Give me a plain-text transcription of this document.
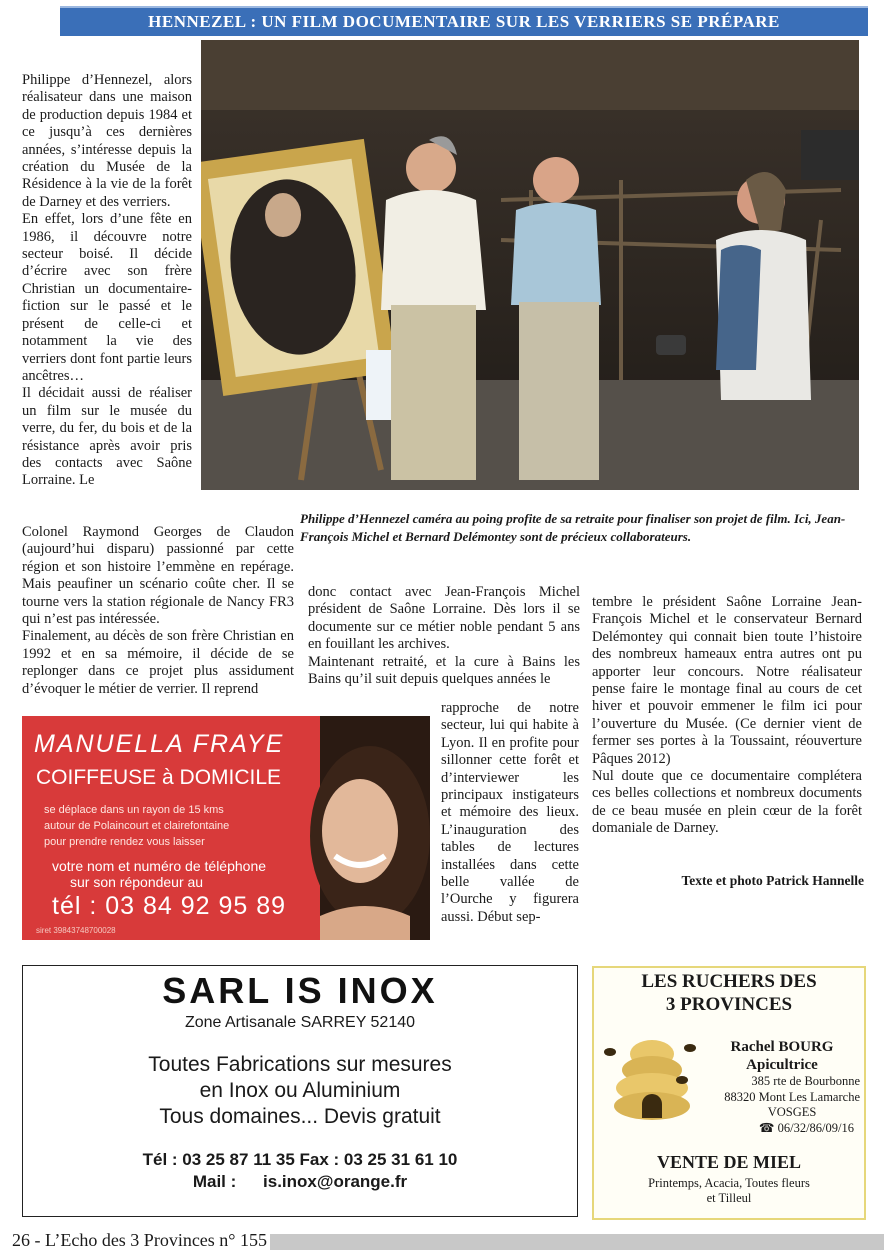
HENNEZEL : UN FILM DOCUMENTAIRE SUR LES VERRIERS SE PRÉPARE

Philippe d’Hennezel, alors réalisateur dans une maison de production depuis 1984 et ce jusqu’à ces dernières années, s’intéresse depuis la création du Musée de la Résidence à la vie de la forêt de Darney et des verriers.

En effet, lors d’une fête en 1986, il découvre notre secteur boisé. Il décide d’écrire avec son frère Christian un documentaire-fiction sur le passé et le présent de celle-ci et notamment la vie des verriers dont font partie leurs ancêtres…

Il décidait aussi de réaliser un film sur le musée du verre, du fer, du bois et de la résistance après avoir pris des contacts avec Saône Lorraine. Le

Philippe d’Hennezel caméra au poing profite de sa retraite pour finaliser son projet de film. Ici, Jean-François Michel et Bernard Delémontey sont de précieux collaborateurs.

Colonel Raymond Georges de Claudon (aujourd’hui disparu) passionné par cette région et son histoire l’emmène en repérage. Mais peaufiner un scénario coûte cher. Il se tourne vers la station régionale de Nancy FR3 qui n’est pas intéressée.

Finalement, au décès de son frère Christian en 1992 et en sa mémoire, il décide de se replonger dans ce projet plus assidument d’évoquer le métier de verrier. Il reprend

donc contact avec Jean-François Michel président de Saône Lorraine. Dès lors il se documente sur ce métier noble pendant 5 ans en fouillant les archives.

Maintenant retraité, et la cure à Bains les Bains qu’il suit depuis quelques années le

rapproche de notre secteur, lui qui habite à Lyon. Il en profite pour sillonner cette forêt et d’interviewer les principaux instigateurs et mémoire des lieux. L’inauguration des tables de lectures installées dans cette belle vallée de l’Ourche y figurera aussi. Début sep-

tembre le président Saône Lorraine Jean-François Michel et le conservateur Bernard Delémontey qui connait bien toute l’histoire des nombreux hameaux entra autres ont pu apporter leur concours. Notre réalisateur pense faire le montage final au cours de cet hiver et pouvoir emmener le film ici pour l’ouverture du Musée. (Ce dernier vient de fermer ses portes à la Toussaint, réouverture Pâques 2012)

Nul doute que ce documentaire complétera ces belles collections et nombreux documents de ce beau musée en plein cœur de la forêt domaniale de Darney.

Texte et photo Patrick Hannelle
MANUELLA FRAYE
COIFFEUSE à DOMICILE
se déplace dans un rayon de 15 kms
autour de Polaincourt et clairefontaine
pour prendre rendez vous laisser
votre nom et numéro de téléphone
sur son répondeur au
tél : 03 84 92 95 89
siret 39843748700028
SARL IS INOX
Zone Artisanale SARREY 52140
Toutes Fabrications sur mesures
en Inox ou Aluminium
Tous domaines... Devis gratuit
Tél : 03 25 87 11 35 Fax : 03 25 31 61 10
Mail : is.inox@orange.fr
LES RUCHERS DES
3 PROVINCES
Rachel BOURG
Apicultrice
385 rte de Bourbonne
88320 Mont Les Lamarche
VOSGES
☎ 06/32/86/09/16
VENTE DE MIEL
Printemps, Acacia, Toutes fleurs
et Tilleul
26 - L’Echo des 3 Provinces n° 155
